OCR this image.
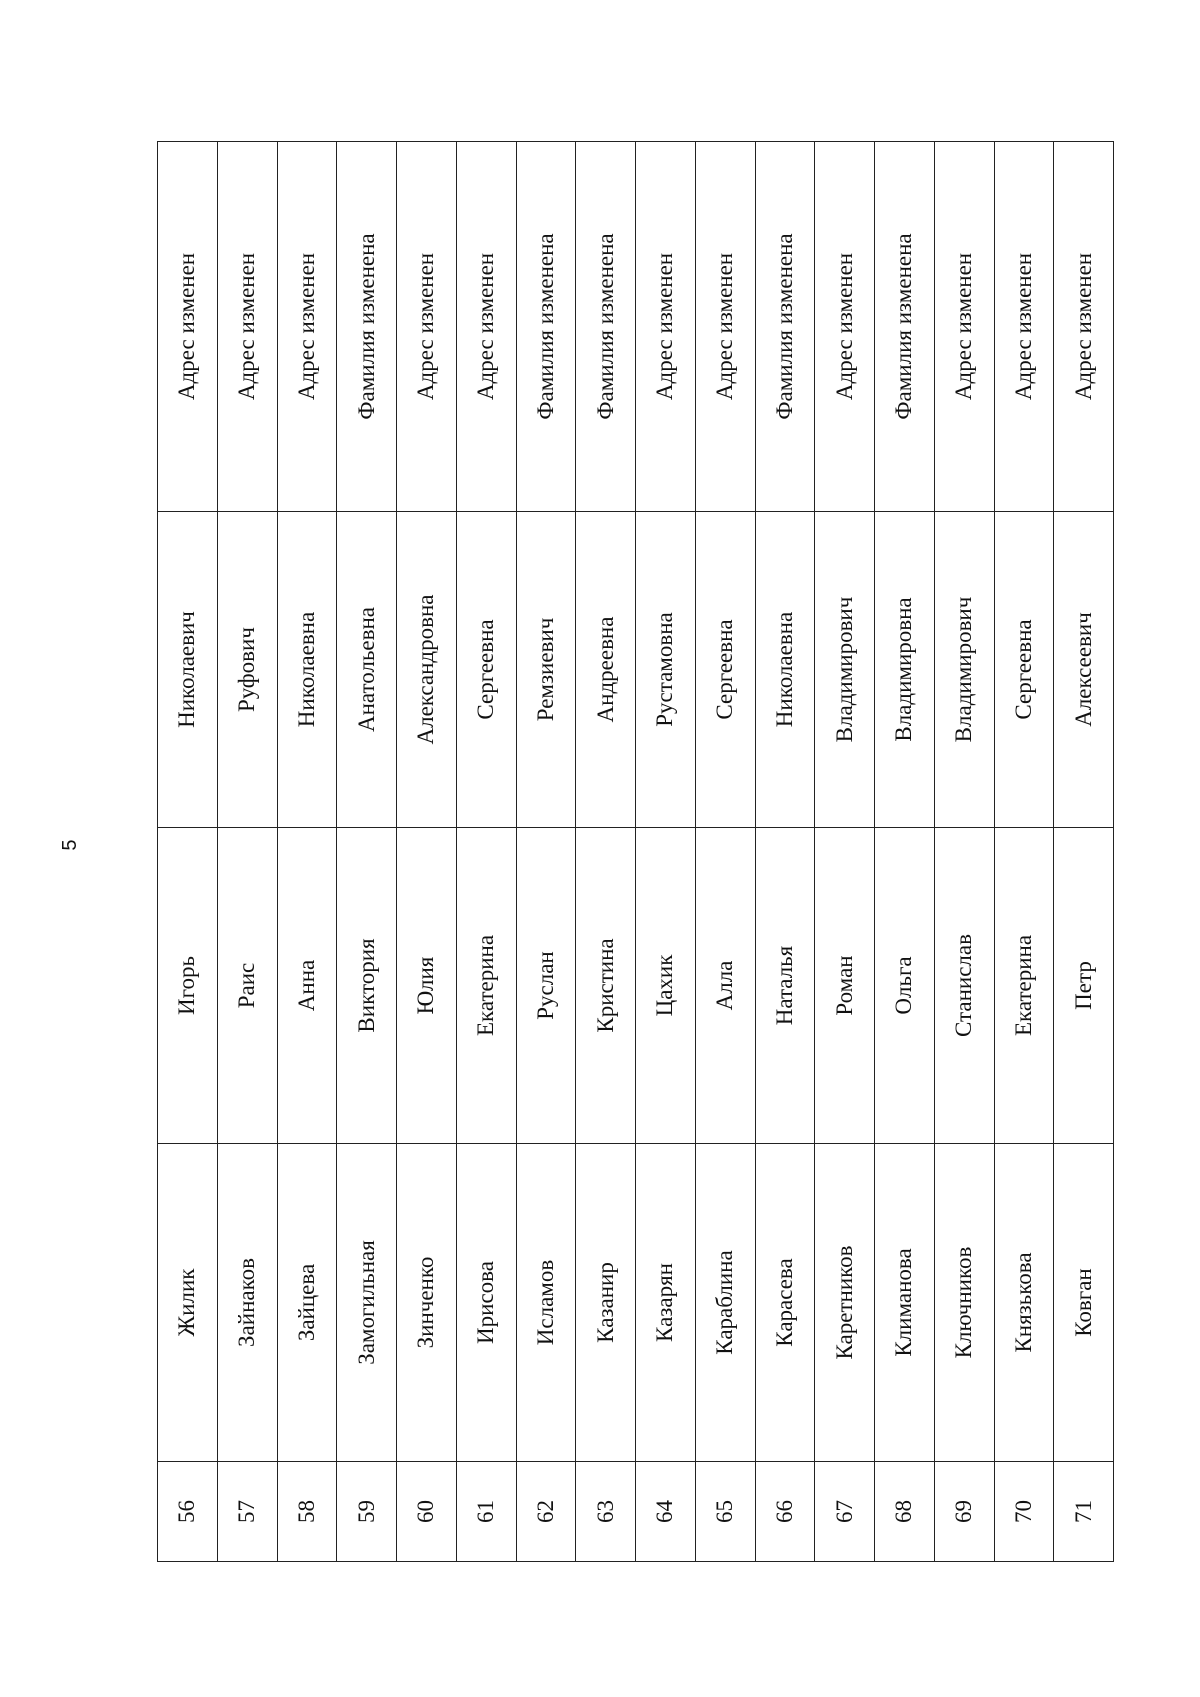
5
56	Жилик	Игорь	Николаевич	Адрес изменен
57	Зайнаков	Раис	Руфович	Адрес изменен
58	Зайцева	Анна	Николаевна	Адрес изменен
59	Замогильная	Виктория	Анатольевна	Фамилия изменена
60	Зинченко	Юлия	Александровна	Адрес изменен
61	Ирисова	Екатерина	Сергеевна	Адрес изменен
62	Исламов	Руслан	Ремзиевич	Фамилия изменена
63	Казанир	Кристина	Андреевна	Фамилия изменена
64	Казарян	Цахик	Рустамовна	Адрес изменен
65	Караблина	Алла	Сергеевна	Адрес изменен
66	Карасева	Наталья	Николаевна	Фамилия изменена
67	Каретников	Роман	Владимирович	Адрес изменен
68	Климанова	Ольга	Владимировна	Фамилия изменена
69	Ключников	Станислав	Владимирович	Адрес изменен
70	Князькова	Екатерина	Сергеевна	Адрес изменен
71	Ковган	Петр	Алексеевич	Адрес изменен
